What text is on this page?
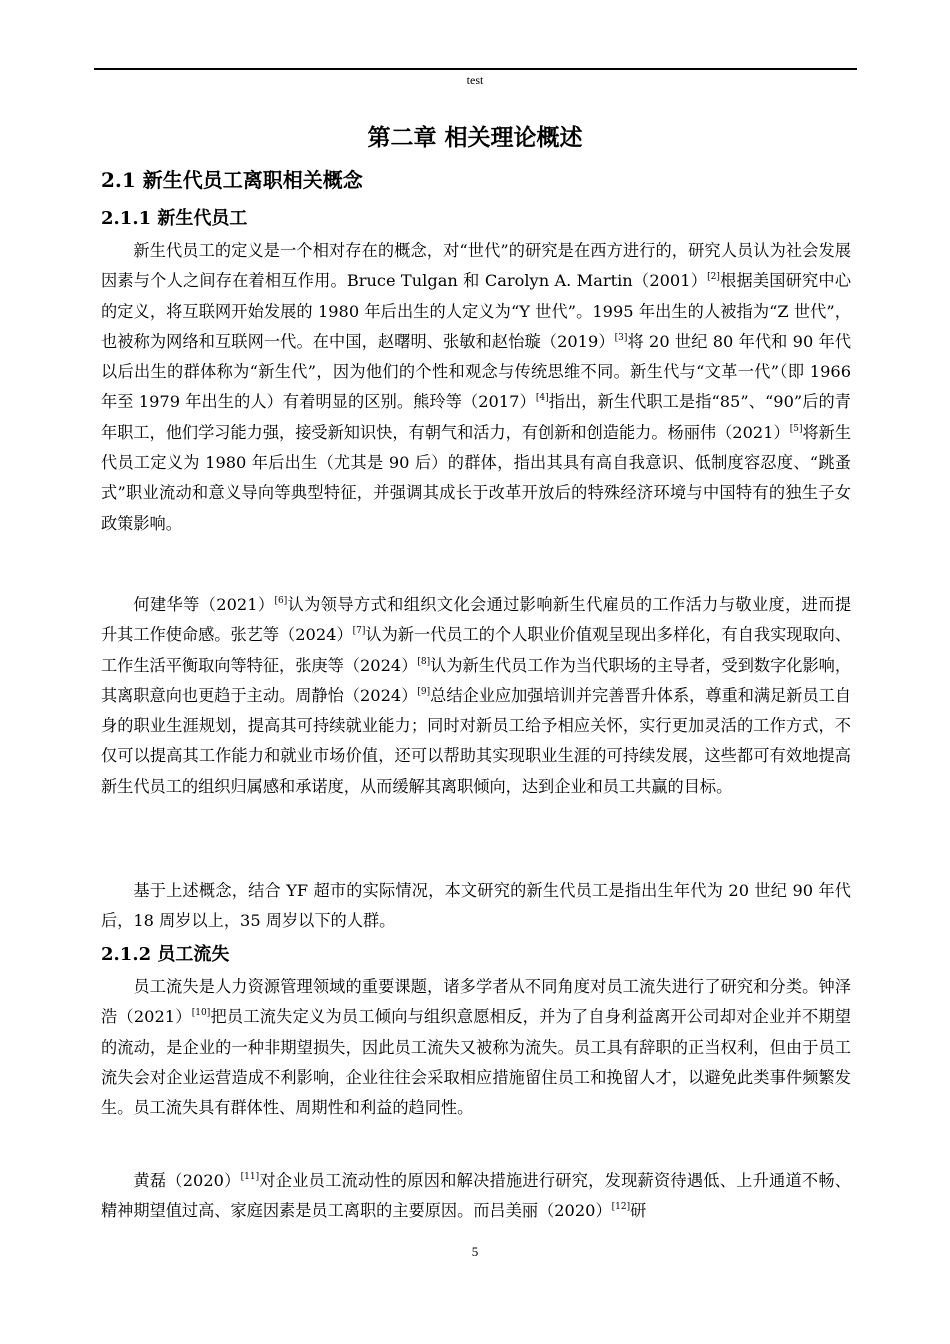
test
第二章 相关理论概述
2.1 新生代员工离职相关概念
2.1.1 新生代员工

新生代员工的定义是一个相对存在的概念，对“世代”的研究是在西方进行的，研究人员认为社会发展因素与个人之间存在着相互作用。Bruce Tulgan 和 Carolyn A. Martin（2001）[2]根据美国研究中心的定义，将互联网开始发展的 1980 年后出生的人定义为“Y 世代”。1995 年出生的人被指为“Z 世代”，也被称为网络和互联网一代。在中国，赵曙明、张敏和赵怡璇（2019）[3]将 20 世纪 80 年代和 90 年代以后出生的群体称为“新生代”，因为他们的个性和观念与传统思维不同。新生代与“文革一代”（即 1966 年至 1979 年出生的人）有着明显的区别。熊玲等（2017）[4]指出，新生代职工是指“85”、“90”后的青年职工，他们学习能力强，接受新知识快，有朝气和活力，有创新和创造能力。杨丽伟（2021）[5]将新生代员工定义为 1980 年后出生（尤其是 90 后）的群体，指出其具有高自我意识、低制度容忍度、“跳蚤式”职业流动和意义导向等典型特征，并强调其成长于改革开放后的特殊经济环境与中国特有的独生子女政策影响。

何建华等（2021）[6]认为领导方式和组织文化会通过影响新生代雇员的工作活力与敬业度，进而提升其工作使命感。张艺等（2024）[7]认为新一代员工的个人职业价值观呈现出多样化，有自我实现取向、工作生活平衡取向等特征，张庚等（2024）[8]认为新生代员工作为当代职场的主导者，受到数字化影响，其离职意向也更趋于主动。周静怡（2024）[9]总结企业应加强培训并完善晋升体系，尊重和满足新员工自身的职业生涯规划，提高其可持续就业能力；同时对新员工给予相应关怀，实行更加灵活的工作方式，不仅可以提高其工作能力和就业市场价值，还可以帮助其实现职业生涯的可持续发展，这些都可有效地提高新生代员工的组织归属感和承诺度，从而缓解其离职倾向，达到企业和员工共赢的目标。

基于上述概念，结合 YF 超市的实际情况，本文研究的新生代员工是指出生年代为 20 世纪 90 年代后，18 周岁以上，35 周岁以下的人群。

2.1.2 员工流失

员工流失是人力资源管理领域的重要课题，诸多学者从不同角度对员工流失进行了研究和分类。钟泽浩（2021）[10]把员工流失定义为员工倾向与组织意愿相反，并为了自身利益离开公司却对企业并不期望的流动，是企业的一种非期望损失，因此员工流失又被称为流失。员工具有辞职的正当权利，但由于员工流失会对企业运营造成不利影响，企业往往会采取相应措施留住员工和挽留人才，以避免此类事件频繁发生。员工流失具有群体性、周期性和利益的趋同性。

黄磊（2020）[11]对企业员工流动性的原因和解决措施进行研究，发现薪资待遇低、上升通道不畅、精神期望值过高、家庭因素是员工离职的主要原因。而吕美丽（2020）[12]研

5
